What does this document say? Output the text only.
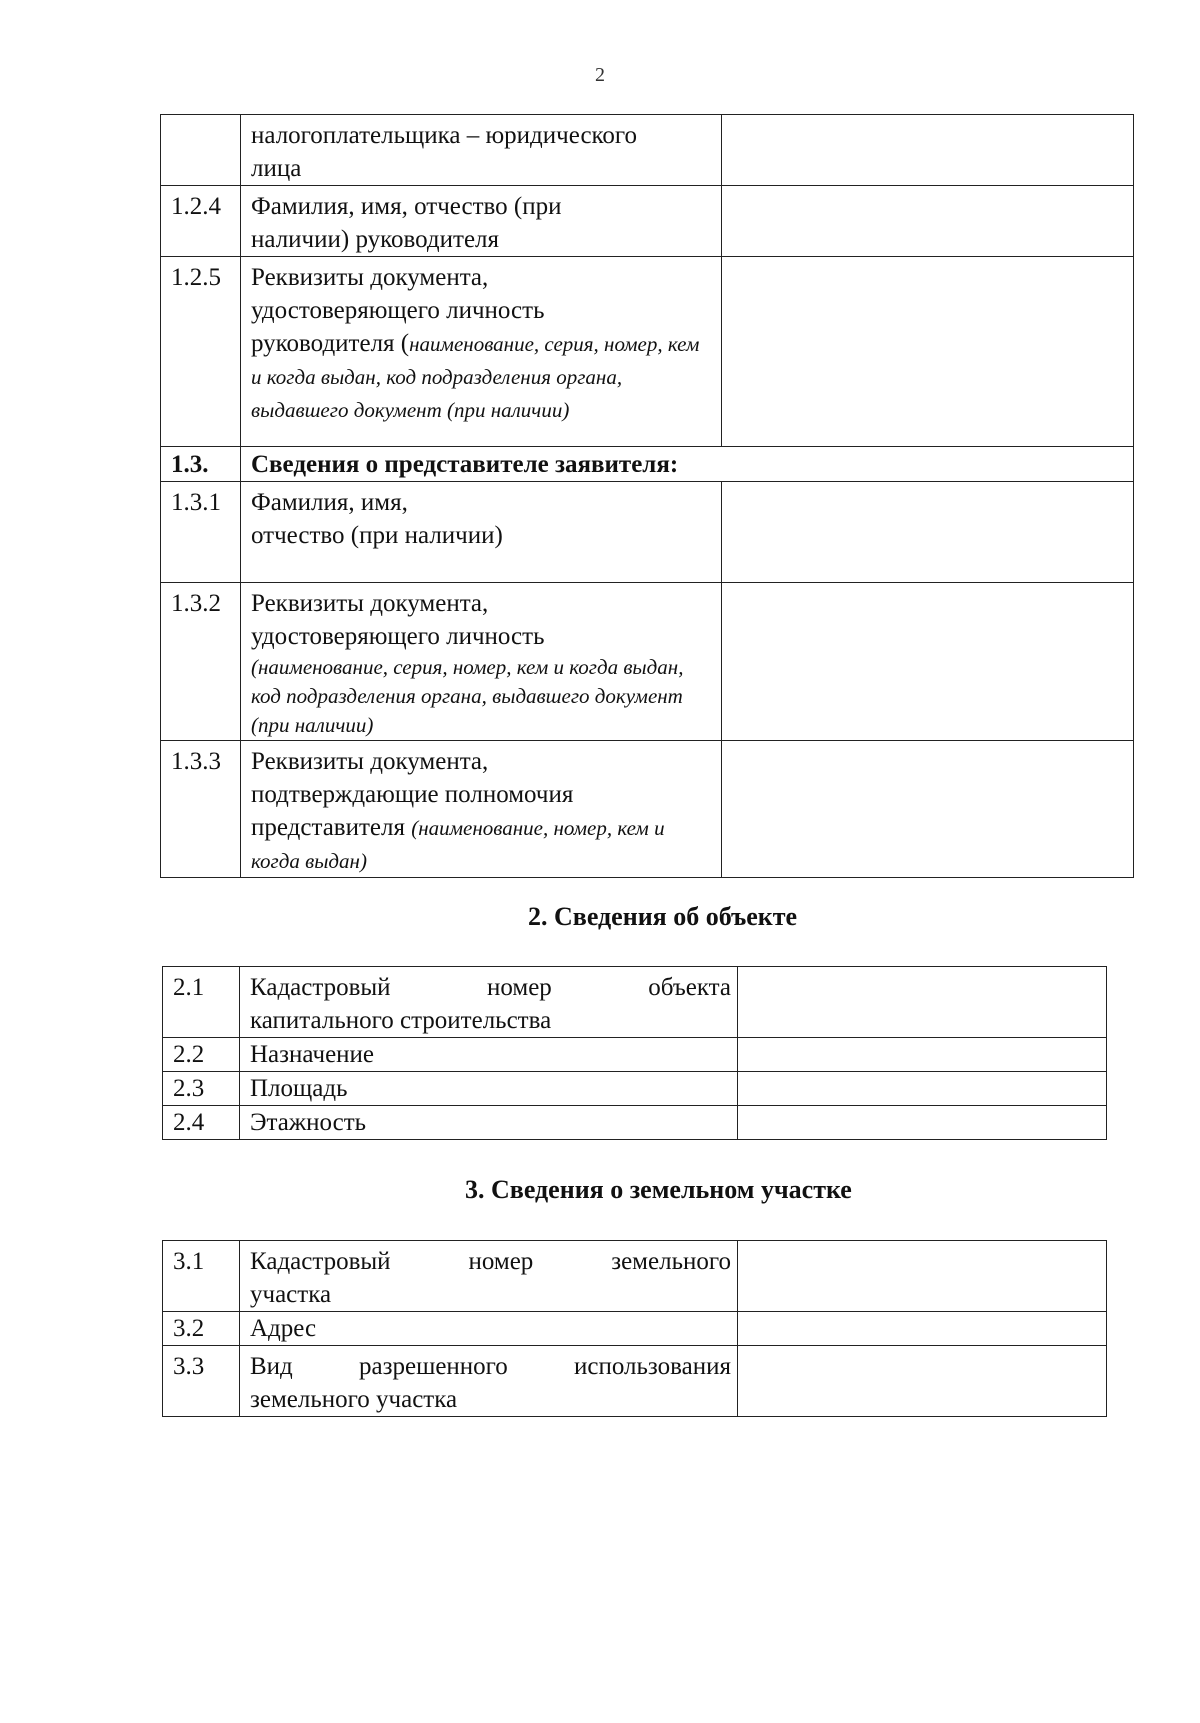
2

	налогоплательщика – юридического
лица	

1.2.4	Фамилия, имя, отчество (при
наличии) руководителя	

1.2.5	Реквизиты документа,
удостоверяющего личность
руководителя (наименование, серия, номер, кем и когда выдан, код подразделения органа, выдавшего документ (при наличии)	

1.3.	Сведения о представителе заявителя:	
1.3.1	Фамилия, имя,
отчество (при наличии)	

1.3.2	Реквизиты документа,
удостоверяющего личность
(наименование, серия, номер, кем и когда выдан, код подразделения органа, выдавшего документ (при наличии)	

1.3.3	Реквизиты документа,
подтверждающие полномочия
представителя (наименование, номер, кем и когда выдан)	

2. Сведения об объекте
2.1	Кадастровый номер объекта
капитального строительства	

2.2	Назначение	
2.3	Площадь	
2.4	Этажность	
3. Сведения о земельном участке
3.1	Кадастровый номер земельного
участка	

3.2	Адрес	
3.3	Вид разрешенного использования
земельного участка	
